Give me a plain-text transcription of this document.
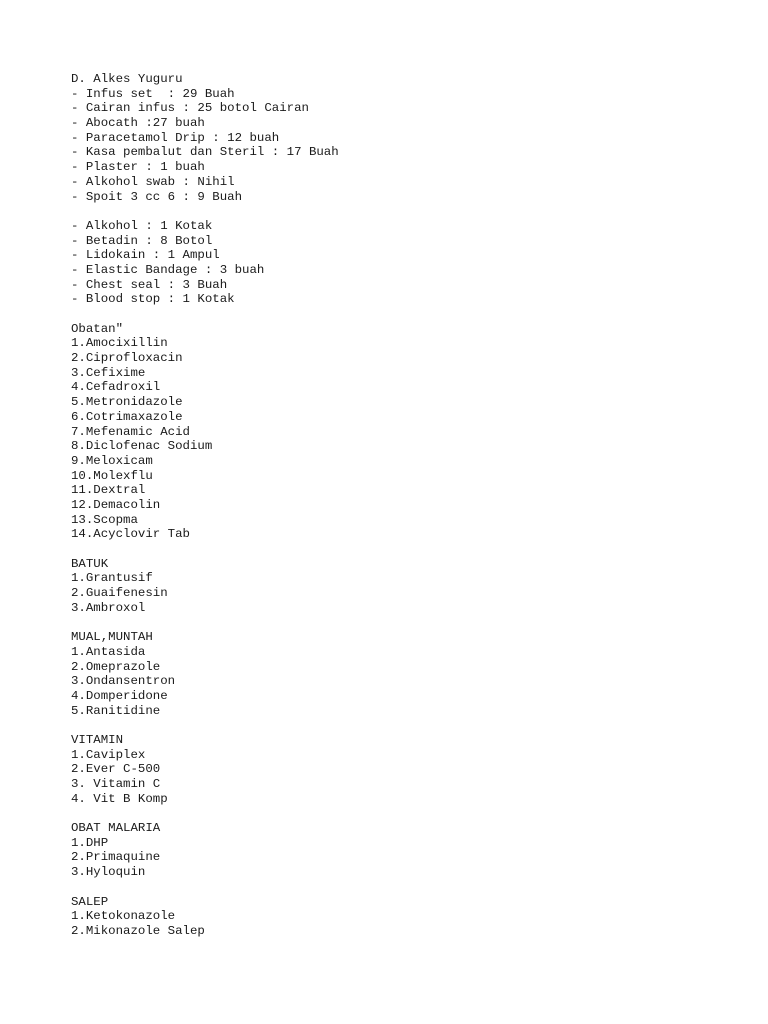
D. Alkes Yuguru
- Infus set  : 29 Buah
- Cairan infus : 25 botol Cairan
- Abocath :27 buah
- Paracetamol Drip : 12 buah
- Kasa pembalut dan Steril : 17 Buah
- Plaster : 1 buah
- Alkohol swab : Nihil
- Spoit 3 cc 6 : 9 Buah
- Alkohol : 1 Kotak
- Betadin : 8 Botol
- Lidokain : 1 Ampul
- Elastic Bandage : 3 buah
- Chest seal : 3 Buah
- Blood stop : 1 Kotak
Obatan"
1.Amocixillin
2.Ciprofloxacin
3.Cefixime
4.Cefadroxil
5.Metronidazole
6.Cotrimaxazole
7.Mefenamic Acid
8.Diclofenac Sodium
9.Meloxicam
10.Molexflu
11.Dextral
12.Demacolin
13.Scopma
14.Acyclovir Tab
BATUK
1.Grantusif
2.Guaifenesin
3.Ambroxol
MUAL,MUNTAH
1.Antasida
2.Omeprazole
3.Ondansentron
4.Domperidone
5.Ranitidine
VITAMIN
1.Caviplex
2.Ever C-500
3. Vitamin C
4. Vit B Komp
OBAT MALARIA
1.DHP
2.Primaquine
3.Hyloquin
SALEP
1.Ketokonazole
2.Mikonazole Salep
